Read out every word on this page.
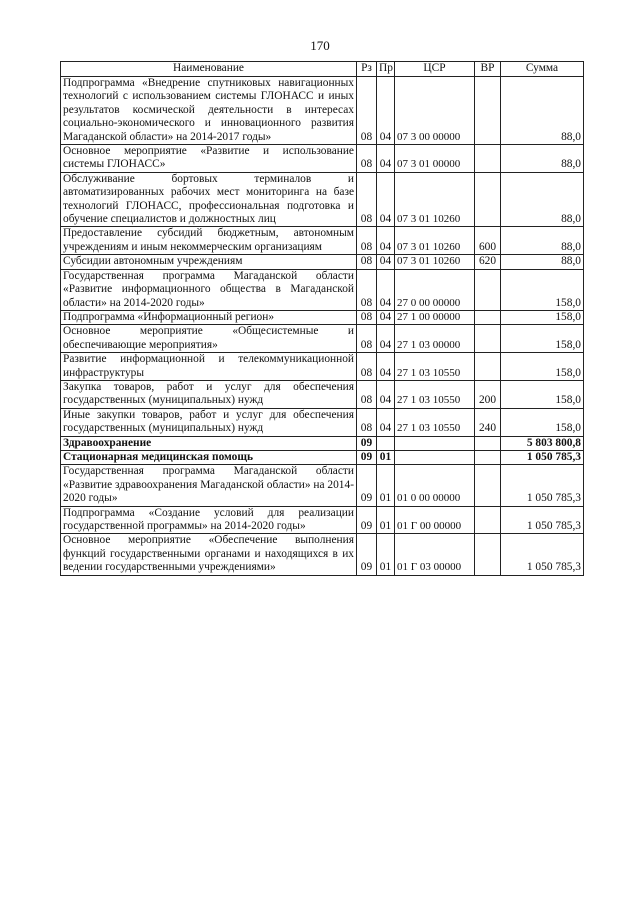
170
Наименование	Рз	Пр	ЦСР	ВР	Сумма
Подпрограмма «Внедрение спутниковых навигационных технологий с использованием системы ГЛОНАСС и иных результатов космической деятельности в интересах социально-экономического и инновационного развития Магаданской области» на 2014-2017 годы»	08	04	07 3 00 00000		88,0
Основное мероприятие «Развитие и использование системы ГЛОНАСС»	08	04	07 3 01 00000		88,0
Обслуживание бортовых терминалов и автоматизированных рабочих мест мониторинга на базе технологий ГЛОНАСС, профессиональная подготовка и обучение специалистов и должностных лиц	08	04	07 3 01 10260		88,0
Предоставление субсидий бюджетным, автономным учреждениям и иным некоммерческим организациям	08	04	07 3 01 10260	600	88,0
Субсидии автономным учреждениям	08	04	07 3 01 10260	620	88,0
Государственная программа Магаданской области «Развитие информационного общества в Магаданской области» на 2014-2020 годы»	08	04	27 0 00 00000		158,0
Подпрограмма «Информационный регион»	08	04	27 1 00 00000		158,0
Основное мероприятие «Общесистемные и обеспечивающие мероприятия»	08	04	27 1 03 00000		158,0
Развитие информационной и телекоммуникационной инфраструктуры	08	04	27 1 03 10550		158,0
Закупка товаров, работ и услуг для обеспечения государственных (муниципальных) нужд	08	04	27 1 03 10550	200	158,0
Иные закупки товаров, работ и услуг для обеспечения государственных (муниципальных) нужд	08	04	27 1 03 10550	240	158,0
Здравоохранение	09				5 803 800,8
Стационарная медицинская помощь	09	01			1 050 785,3
Государственная программа Магаданской области «Развитие здравоохранения Магаданской области» на 2014-2020 годы»	09	01	01 0 00 00000		1 050 785,3
Подпрограмма «Создание условий для реализации государственной программы» на 2014-2020 годы»	09	01	01 Г 00 00000		1 050 785,3
Основное мероприятие «Обеспечение выполнения функций государственными органами и находящихся в их ведении государственными учреждениями»	09	01	01 Г 03 00000		1 050 785,3
